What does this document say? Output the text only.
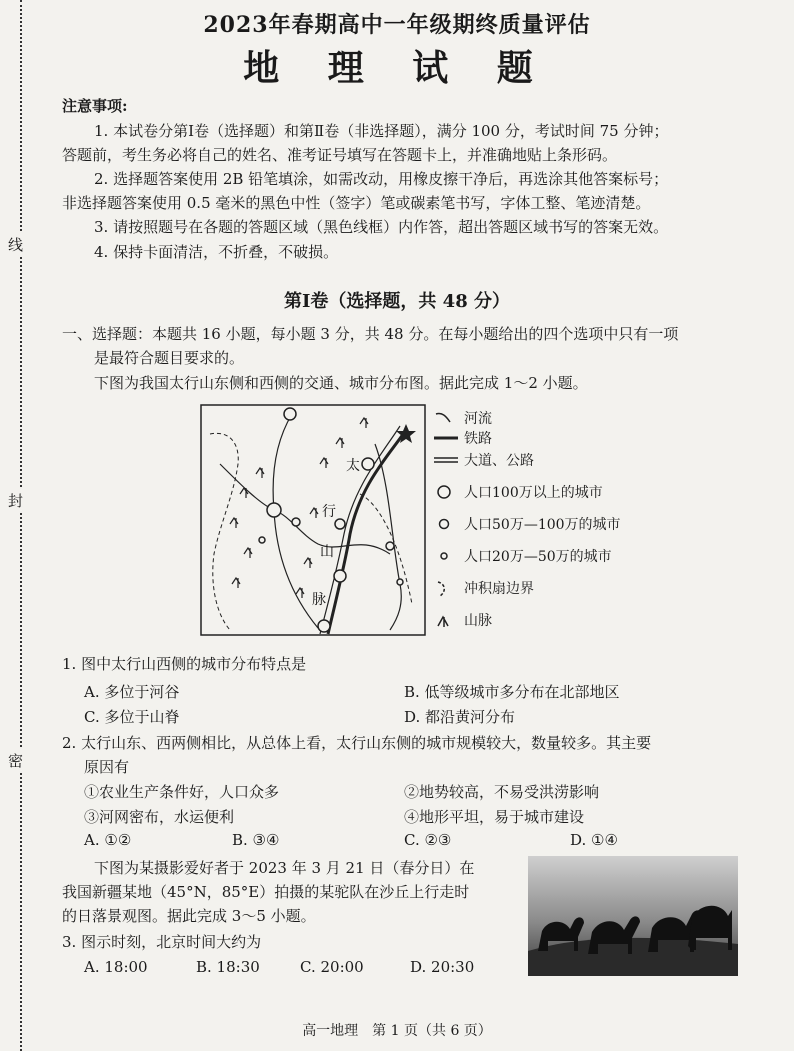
线
封
密
2023年春期高中一年级期终质量评估
地 理 试 题
注意事项:
1. 本试卷分第Ⅰ卷（选择题）和第Ⅱ卷（非选择题），满分 100 分，考试时间 75 分钟；
答题前，考生务必将自己的姓名、准考证号填写在答题卡上，并准确地贴上条形码。
2. 选择题答案使用 2B 铅笔填涂，如需改动，用橡皮擦干净后，再选涂其他答案标号；
非选择题答案使用 0.5 毫米的黑色中性（签字）笔或碳素笔书写，字体工整、笔迹清楚。
3. 请按照题号在各题的答题区域（黑色线框）内作答，超出答题区域书写的答案无效。
4. 保持卡面清洁，不折叠，不破损。
第Ⅰ卷（选择题，共 48 分）
一、选择题：本题共 16 小题，每小题 3 分，共 48 分。在每小题给出的四个选项中只有一项
是最符合题目要求的。
下图为我国太行山东侧和西侧的交通、城市分布图。据此完成 1～2 小题。
太
行
山
脉
河流
铁路
大道、公路
人口100万以上的城市
人口50万—100万的城市
人口20万—50万的城市
冲积扇边界
山脉
1. 图中太行山西侧的城市分布特点是
A. 多位于河谷	B. 低等级城市多分布在北部地区
C. 多位于山脊	D. 都沿黄河分布
2. 太行山东、西两侧相比，从总体上看，太行山东侧的城市规模较大，数量较多。其主要
原因有
①农业生产条件好，人口众多	②地势较高，不易受洪涝影响
③河网密布，水运便利	④地形平坦，易于城市建设
A. ①②	B. ③④	C. ②③	D. ①④
下图为某摄影爱好者于 2023 年 3 月 21 日（春分日）在
我国新疆某地（45°N，85°E）拍摄的某驼队在沙丘上行走时
的日落景观图。据此完成 3～5 小题。
3. 图示时刻，北京时间大约为
A. 18:00	B. 18:30	C. 20:00	D. 20:30
高一地理　第 1 页（共 6 页）
